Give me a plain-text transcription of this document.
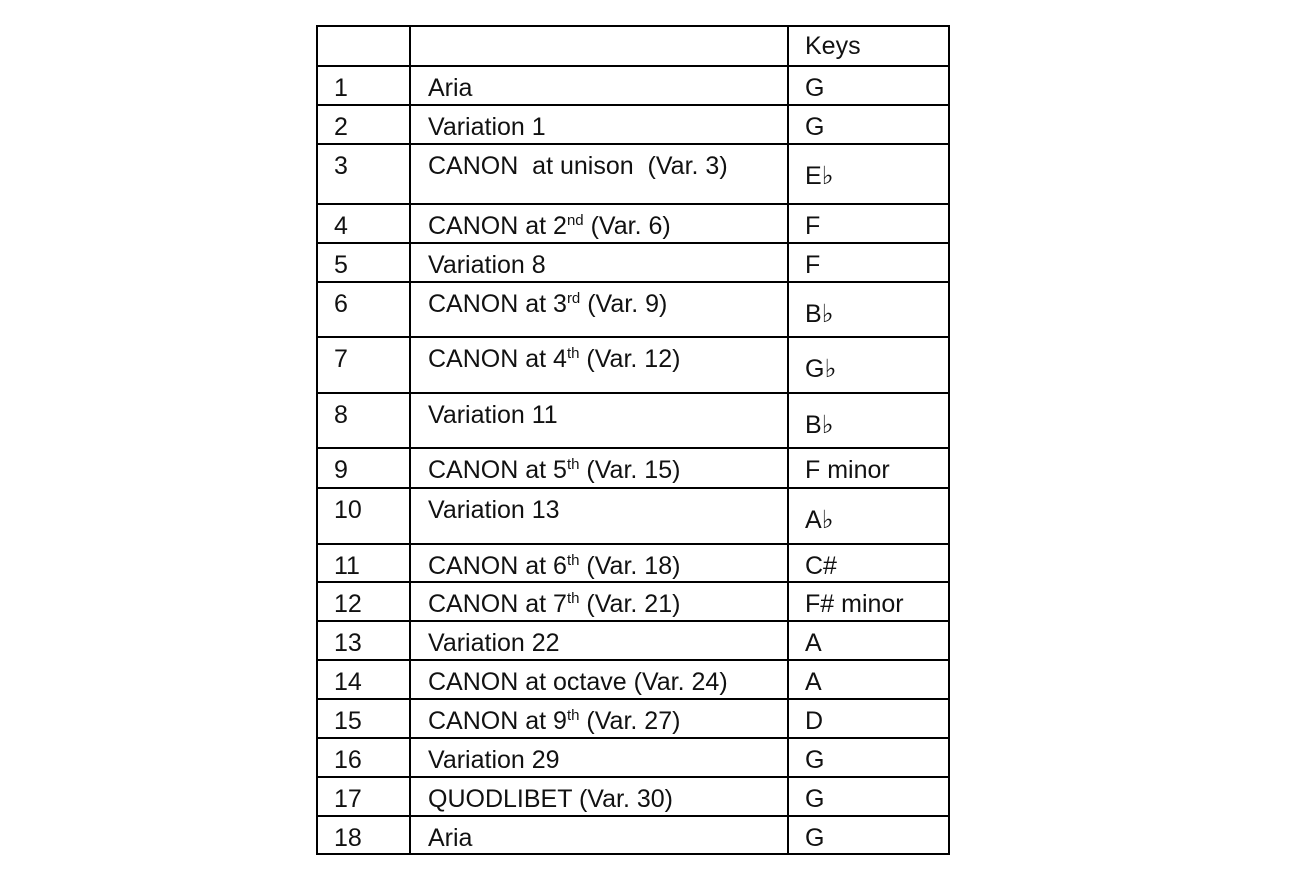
		Keys

1	Aria	G

2	Variation 1	G

3	CANON  at unison  (Var. 3)	E♭

4	CANON at 2nd (Var. 6)	F

5	Variation 8	F

6	CANON at 3rd (Var. 9)	B♭

7	CANON at 4th (Var. 12)	G♭

8	Variation 11	B♭

9	CANON at 5th (Var. 15)	F minor

10	Variation 13	A♭

11	CANON at 6th (Var. 18)	C#

12	CANON at 7th (Var. 21)	F# minor

13	Variation 22	A

14	CANON at octave (Var. 24)	A

15	CANON at 9th (Var. 27)	D

16	Variation 29	G

17	QUODLIBET (Var. 30)	G

18	Aria	G
